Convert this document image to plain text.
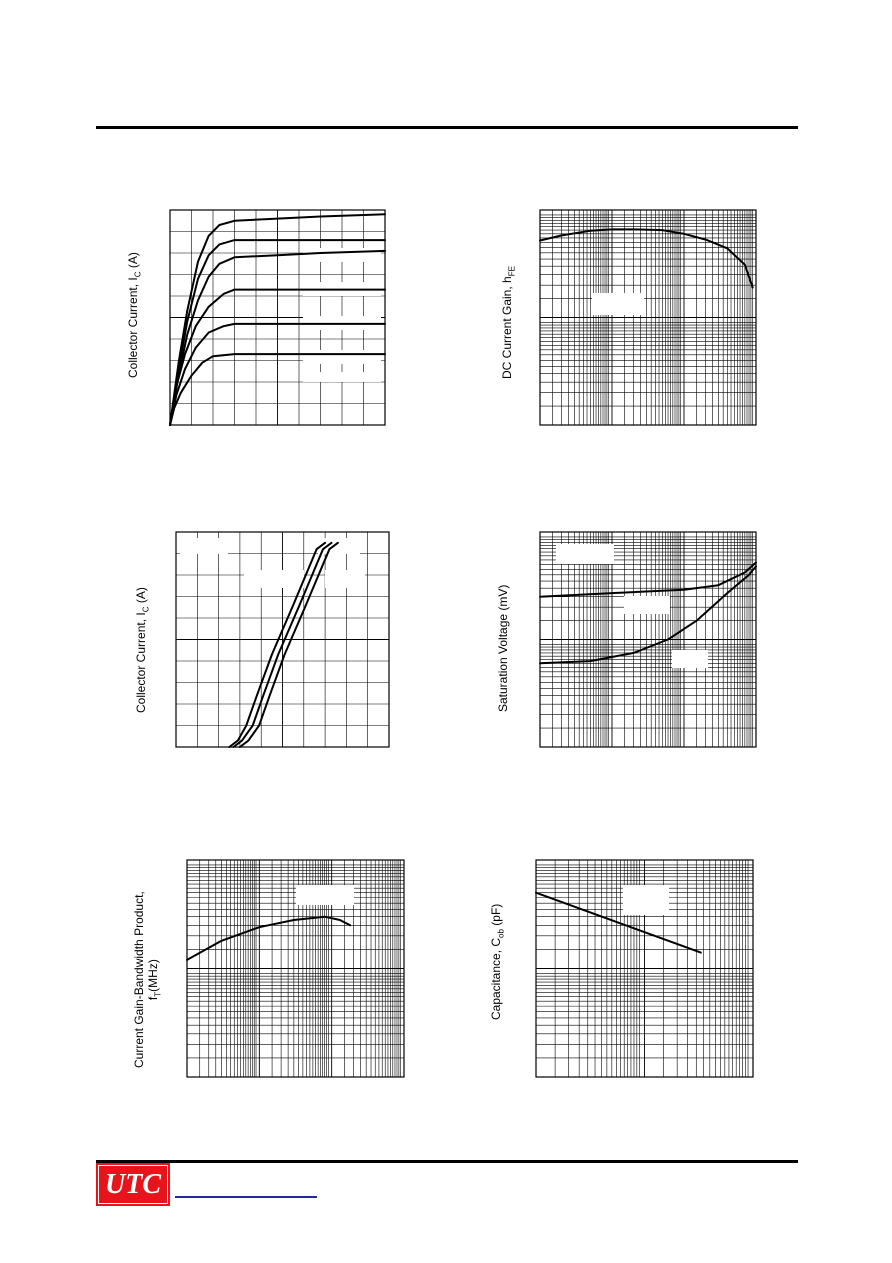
Collector Current, $I_C$ (A)
DC Current Gain, $h_{FE}$
Collector Current, $I_C$ (A)	Saturation Voltage (mV)
Current Gain-Bandwidth Product, $f_T(MHz)$	Capacitance, $C_{ob}$ (pF)
UTC
